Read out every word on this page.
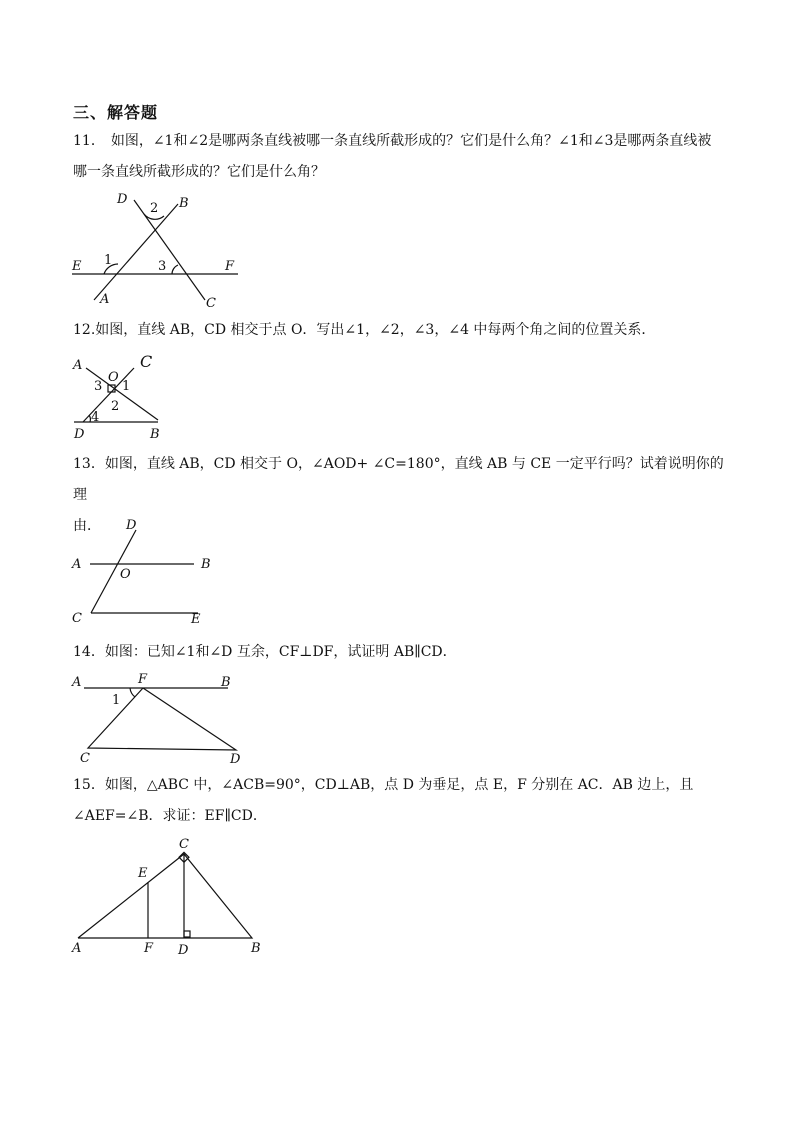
三、解答题

11． 如图，∠1和∠2是哪两条直线被哪一条直线所截形成的？它们是什么角？∠1和∠3是哪两条直线被

哪一条直线所截形成的？它们是什么角？

D	B
2
1	3
E	F
A	C

12.如图，直线 AB，CD 相交于点 O．写出∠1，∠2，∠3，∠4 中每两个角之间的位置关系．

A	C
O
3 1
2
4
D	B

13．如图，直线 AB，CD 相交于 O，∠AOD+ ∠C=180°，直线 AB 与 CE 一定平行吗？试着说明你的理

由．	D
A	B
O
C	E

14．如图：已知∠1和∠D 互余，CF⊥DF，试证明 AB∥CD．

A	F	B
1
C	D

15．如图，△ABC 中，∠ACB=90°，CD⊥AB，点 D 为垂足，点 E，F 分别在 AC．AB 边上，且

∠AEF=∠B．求证：EF∥CD．

C
E
A	F D	B
